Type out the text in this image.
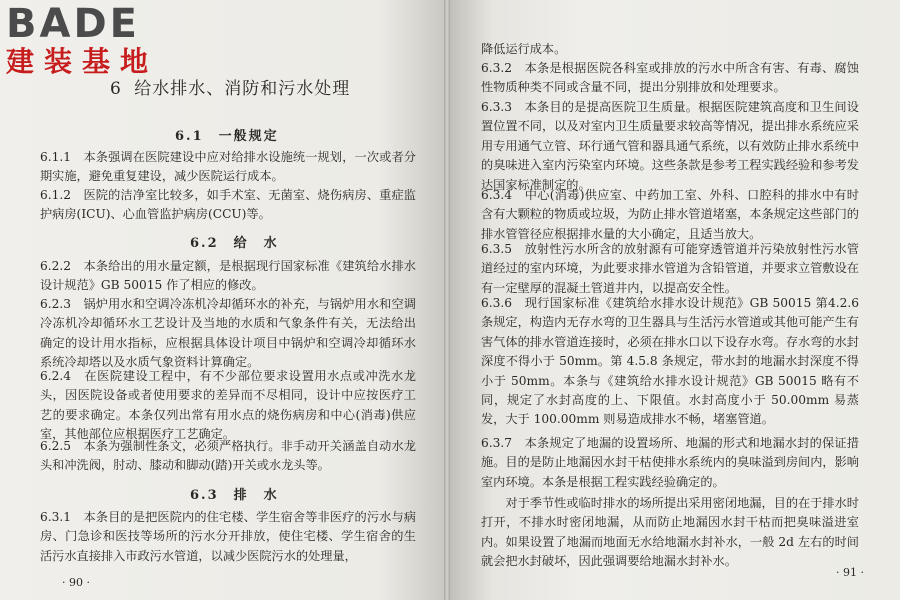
BADE
建装基地
6 给水排水、消防和污水处理
6.1　一般规定
6.1.1　本条强调在医院建设中应对给排水设施统一规划，一次或者分期实施，避免重复建设，减少医院运行成本。
6.1.2　医院的洁净室比较多，如手术室、无菌室、烧伤病房、重症监护病房(ICU)、心血管监护病房(CCU)等。
6.2　给　水
6.2.2　本条给出的用水量定额，是根据现行国家标准《建筑给水排水设计规范》GB 50015 作了相应的修改。
6.2.3　锅炉用水和空调冷冻机冷却循环水的补充，与锅炉用水和空调冷冻机冷却循环水工艺设计及当地的水质和气象条件有关，无法给出确定的设计用水指标，应根据具体设计项目中锅炉和空调冷却循环水系统冷却塔以及水质气象资料计算确定。
6.2.4　在医院建设工程中，有不少部位要求设置用水点或冲洗水龙头，因医院设备或者使用要求的差异而不尽相同，设计中应按医疗工艺的要求确定。本条仅列出常有用水点的烧伤病房和中心(消毒)供应室，其他部位应根据医疗工艺确定。
6.2.5　本条为强制性条文，必须严格执行。非手动开关涵盖自动水龙头和冲洗阀，肘动、膝动和脚动(踏)开关或水龙头等。
6.3　排　水
6.3.1　本条目的是把医院内的住宅楼、学生宿舍等非医疗的污水与病房、门急诊和医技等场所的污水分开排放，使住宅楼、学生宿舍的生活污水直接排入市政污水管道，以减少医院污水的处理量，
· 90 ·
降低运行成本。
6.3.2　本条是根据医院各科室或排放的污水中所含有害、有毒、腐蚀性物质种类不同或含量不同，提出分别排放和处理要求。
6.3.3　本条目的是提高医院卫生质量。根据医院建筑高度和卫生间设置位置不同，以及对室内卫生质量要求较高等情况，提出排水系统应采用专用通气立管、环行通气管和器具通气系统，以有效防止排水系统中的臭味进入室内污染室内环境。这些条款是参考工程实践经验和参考发达国家标准制定的。
6.3.4　中心(消毒)供应室、中药加工室、外科、口腔科的排水中有时含有大颗粒的物质或垃圾，为防止排水管道堵塞，本条规定这些部门的排水管管径应根据排水量的大小确定，且适当放大。
6.3.5　放射性污水所含的放射源有可能穿透管道并污染放射性污水管道经过的室内环境，为此要求排水管道为含铅管道，并要求立管敷设在有一定壁厚的混凝土管道井内，以提高安全性。
6.3.6　现行国家标准《建筑给水排水设计规范》GB 50015 第4.2.6 条规定，构造内无存水弯的卫生器具与生活污水管道或其他可能产生有害气体的排水管道连接时，必须在排水口以下设存水弯。存水弯的水封深度不得小于 50mm。第 4.5.8 条规定，带水封的地漏水封深度不得小于 50mm。本条与《建筑给水排水设计规范》GB 50015 略有不同，规定了水封高度的上、下限值。水封高度小于 50.00mm 易蒸发，大于 100.00mm 则易造成排水不畅，堵塞管道。
6.3.7　本条规定了地漏的设置场所、地漏的形式和地漏水封的保证措施。目的是防止地漏因水封干枯使排水系统内的臭味溢到房间内，影响室内环境。本条是根据工程实践经验确定的。
对于季节性或临时排水的场所提出采用密闭地漏，目的在于排水时打开，不排水时密闭地漏，从而防止地漏因水封干枯而把臭味溢进室内。如果设置了地漏而地面无水给地漏水封补水，一般 2d 左右的时间就会把水封破坏，因此强调要给地漏水封补水。
· 91 ·
